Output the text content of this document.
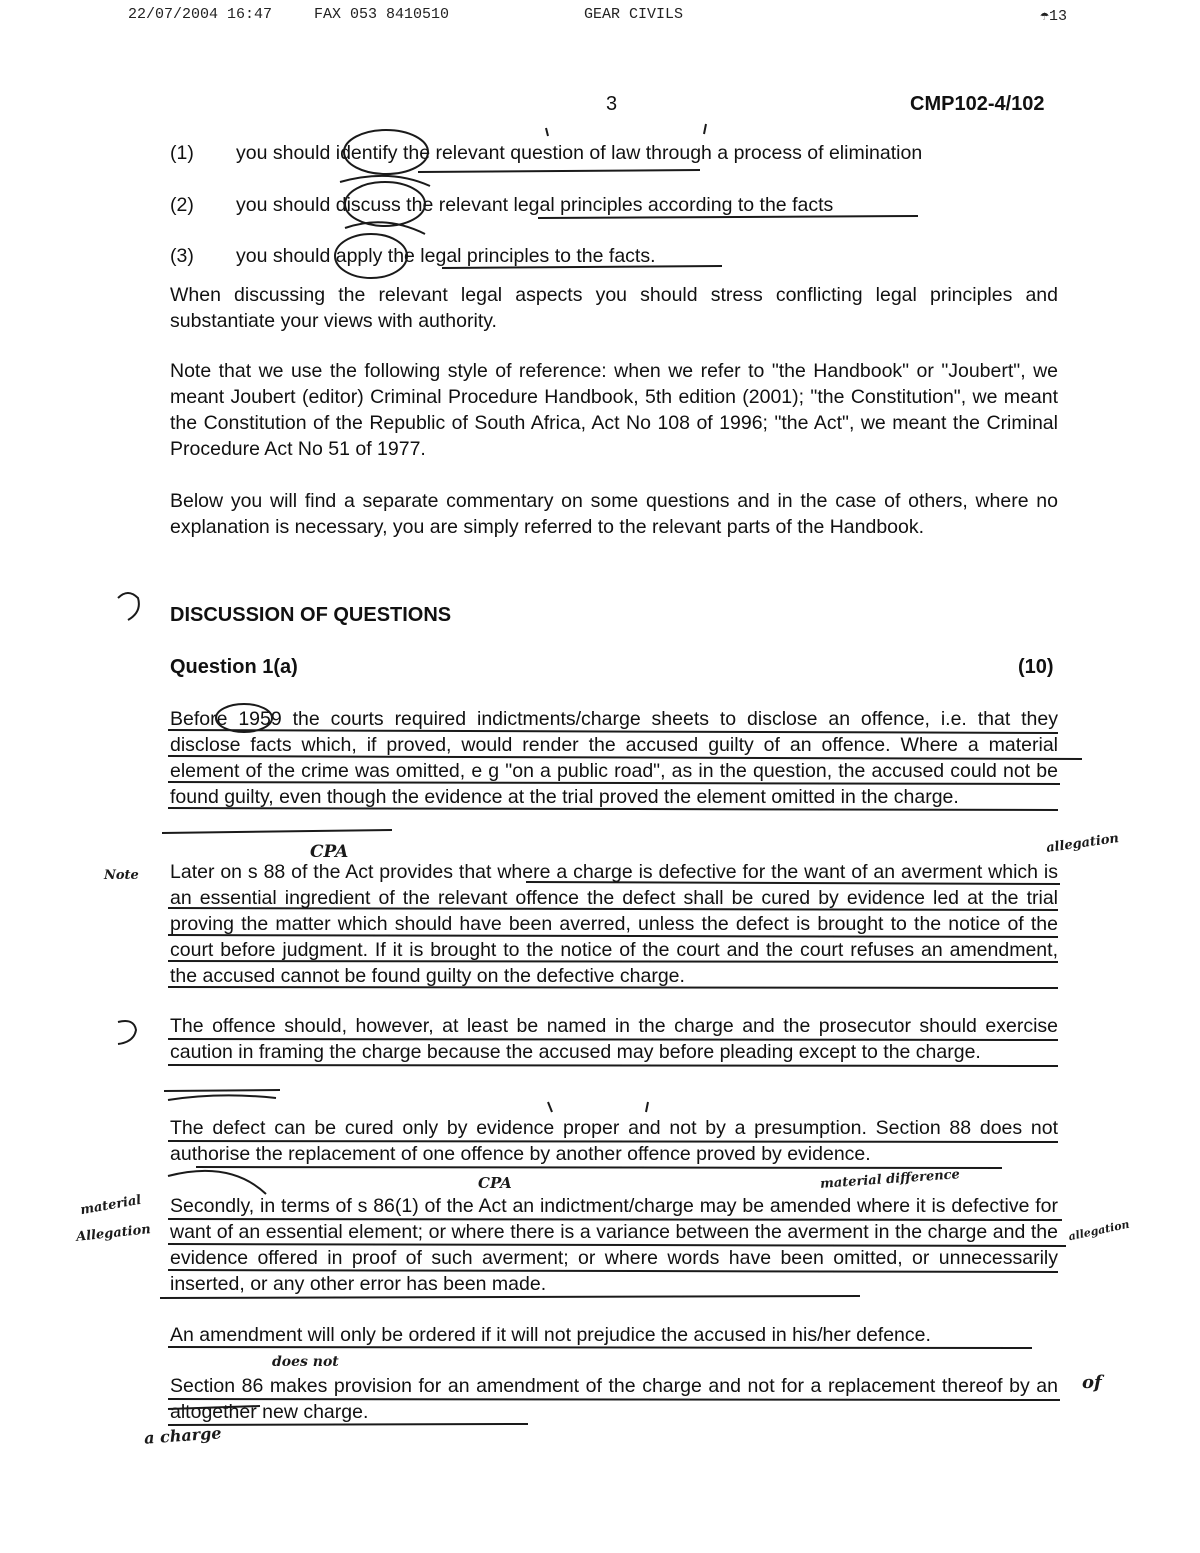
22/07/2004 16:47	FAX 053 8410510	GEAR CIVILS	☂13
3	CMP102-4/102
(1) you should identify the relevant question of law through a process of elimination
(2) you should discuss the relevant legal principles according to the facts
(3) you should apply the legal principles to the facts.

When discussing the relevant legal aspects you should stress conflicting legal principles and substantiate your views with authority.

Note that we use the following style of reference: when we refer to "the Handbook" or "Joubert", we meant Joubert (editor) Criminal Procedure Handbook, 5th edition (2001); "the Constitution", we meant the Constitution of the Republic of South Africa, Act No 108 of 1996; "the Act", we meant the Criminal Procedure Act No 51 of 1977.

Below you will find a separate commentary on some questions and in the case of others, where no explanation is necessary, you are simply referred to the relevant parts of the Handbook.

DISCUSSION OF QUESTIONS
Question 1(a)	(10)

Before 1959 the courts required indictments/charge sheets to disclose an offence, i.e. that they disclose facts which, if proved, would render the accused guilty of an offence. Where a material element of the crime was omitted, e g "on a public road", as in the question, the accused could not be found guilty, even though the evidence at the trial proved the element omitted in the charge.

Later on s 88 of the Act provides that where a charge is defective for the want of an averment which is an essential ingredient of the relevant offence the defect shall be cured by evidence led at the trial proving the matter which should have been averred, unless the defect is brought to the notice of the court before judgment. If it is brought to the notice of the court and the court refuses an amendment, the accused cannot be found guilty on the defective charge.

The offence should, however, at least be named in the charge and the prosecutor should exercise caution in framing the charge because the accused may before pleading except to the charge.

The defect can be cured only by evidence proper and not by a presumption. Section 88 does not authorise the replacement of one offence by another offence proved by evidence.

Secondly, in terms of s 86(1) of the Act an indictment/charge may be amended where it is defective for want of an essential element; or where there is a variance between the averment in the charge and the evidence offered in proof of such averment; or where words have been omitted, or unnecessarily inserted, or any other error has been made.

An amendment will only be ordered if it will not prejudice the accused in his/her defence.

Section 86 makes provision for an amendment of the charge and not for a replacement thereof by an altogether new charge.

CPA	allegation
Note
CPA	material difference
material
Allegation	allegation
does not
of
a charge
